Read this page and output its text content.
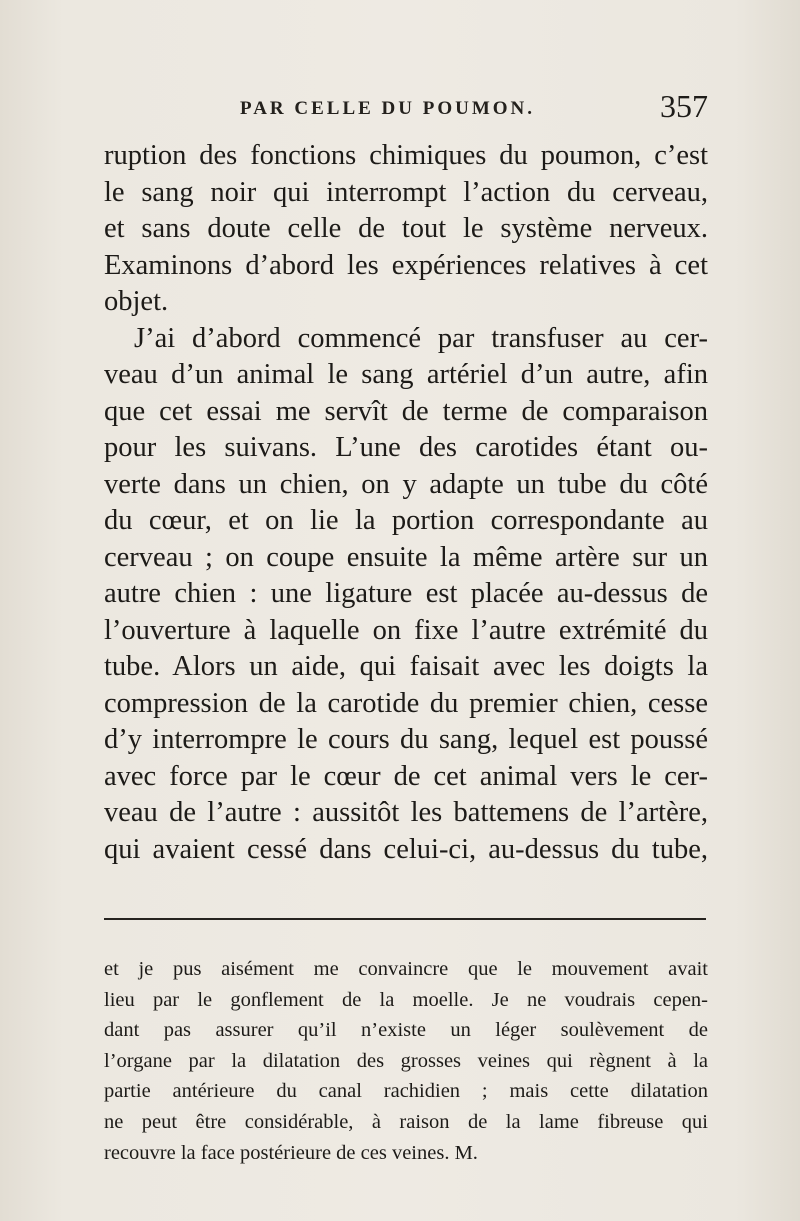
PAR CELLE DU POUMON.	357
ruption des fonctions chimiques du poumon, c’est
le sang noir qui interrompt l’action du cerveau,
et sans doute celle de tout le système nerveux.
Examinons d’abord les expériences relatives à cet
objet.
J’ai d’abord commencé par transfuser au cer-
veau d’un animal le sang artériel d’un autre, afin
que cet essai me servît de terme de comparaison
pour les suivans. L’une des carotides étant ou-
verte dans un chien, on y adapte un tube du côté
du cœur, et on lie la portion correspondante au
cerveau ; on coupe ensuite la même artère sur un
autre chien : une ligature est placée au-dessus de
l’ouverture à laquelle on fixe l’autre extrémité du
tube. Alors un aide, qui faisait avec les doigts la
compression de la carotide du premier chien, cesse
d’y interrompre le cours du sang, lequel est poussé
avec force par le cœur de cet animal vers le cer-
veau de l’autre : aussitôt les battemens de l’artère,
qui avaient cessé dans celui-ci, au-dessus du tube,
et je pus aisément me convaincre que le mouvement avait
lieu par le gonflement de la moelle. Je ne voudrais cepen-
dant pas assurer qu’il n’existe un léger soulèvement de
l’organe par la dilatation des grosses veines qui règnent à la
partie antérieure du canal rachidien ; mais cette dilatation
ne peut être considérable, à raison de la lame fibreuse qui
recouvre la face postérieure de ces veines. M.
